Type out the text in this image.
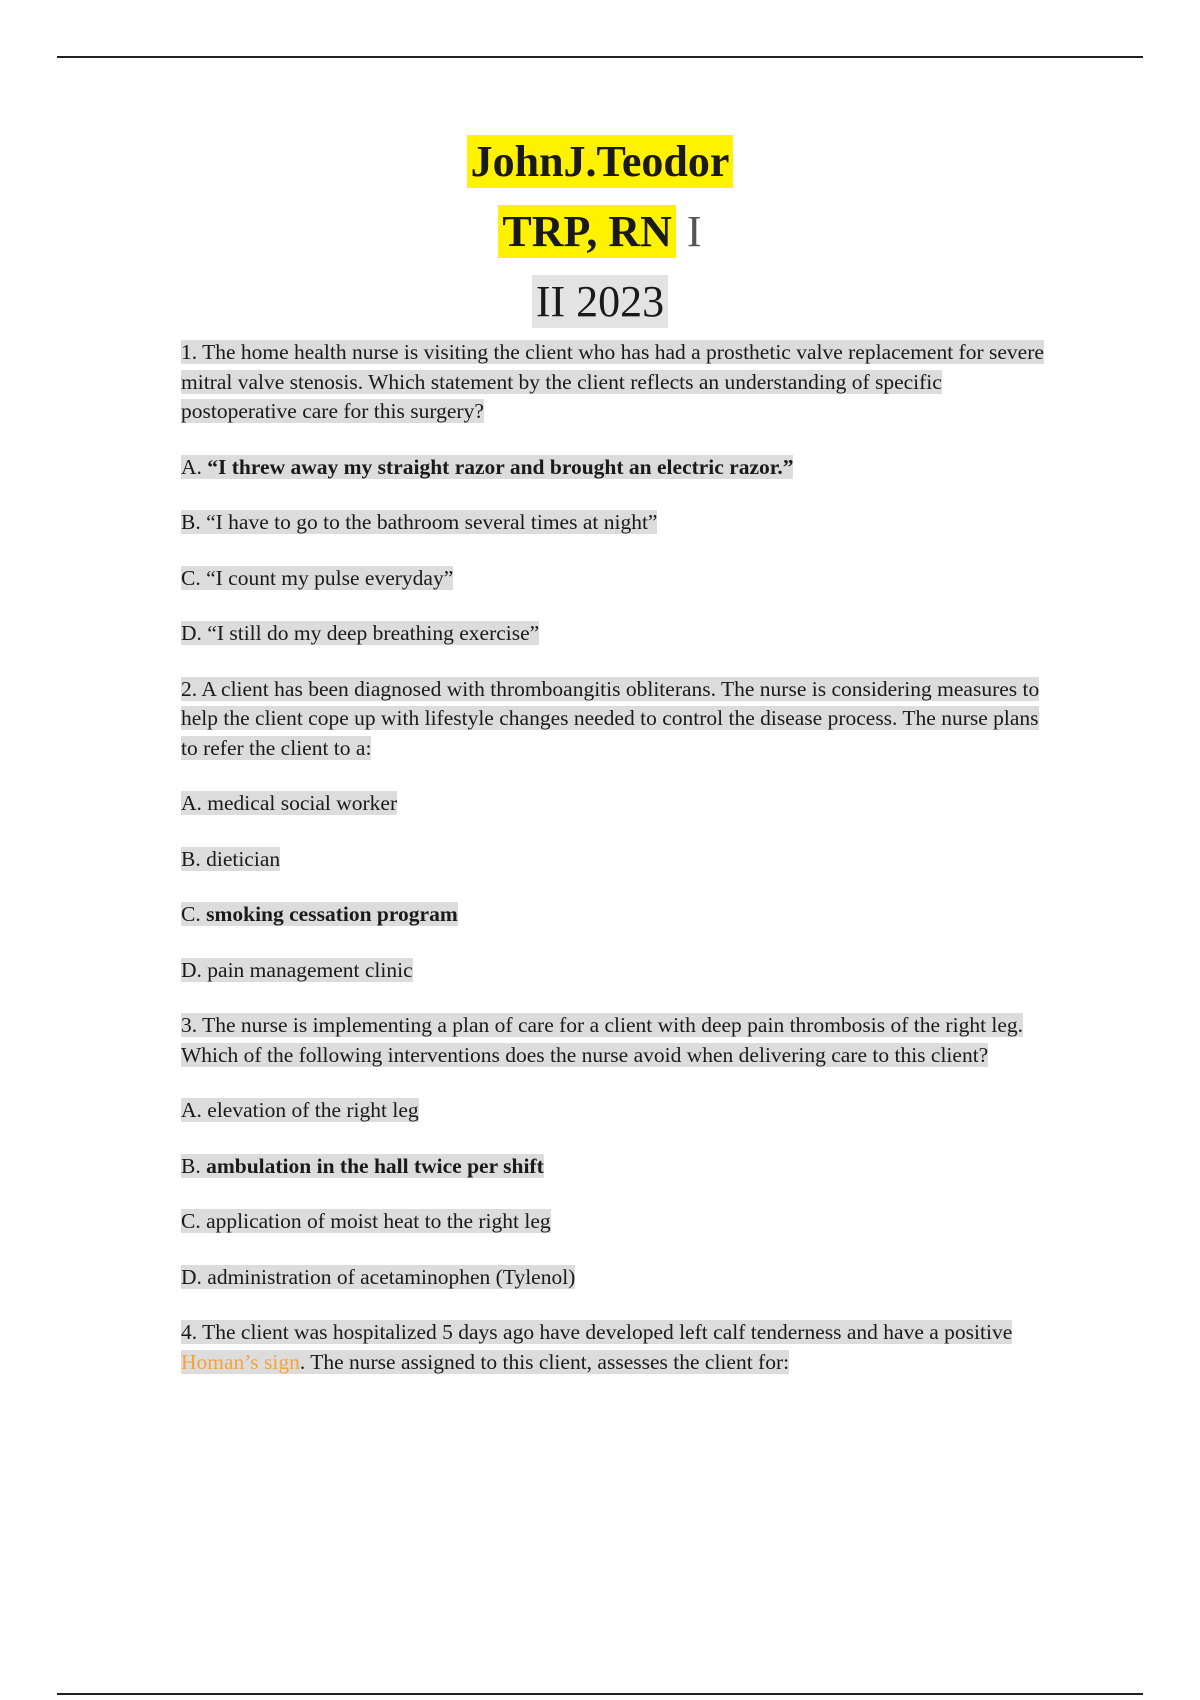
JohnJ.Teodor

TRP, RN I

II 2023

1. The home health nurse is visiting the client who has had a prosthetic valve replacement for severe mitral valve stenosis. Which statement by the client reflects an understanding of specific postoperative care for this surgery?

A. “I threw away my straight razor and brought an electric razor.”

B. “I have to go to the bathroom several times at night”

C. “I count my pulse everyday”

D. “I still do my deep breathing exercise”

2. A client has been diagnosed with thromboangitis obliterans. The nurse is considering measures to help the client cope up with lifestyle changes needed to control the disease process. The nurse plans to refer the client to a:

A. medical social worker

B. dietician

C. smoking cessation program

D. pain management clinic

3. The nurse is implementing a plan of care for a client with deep pain thrombosis of the right leg. Which of the following interventions does the nurse avoid when delivering care to this client?

A. elevation of the right leg

B. ambulation in the hall twice per shift

C. application of moist heat to the right leg

D. administration of acetaminophen (Tylenol)

4. The client was hospitalized 5 days ago have developed left calf tenderness and have a positive Homan’s sign. The nurse assigned to this client, assesses the client for:
